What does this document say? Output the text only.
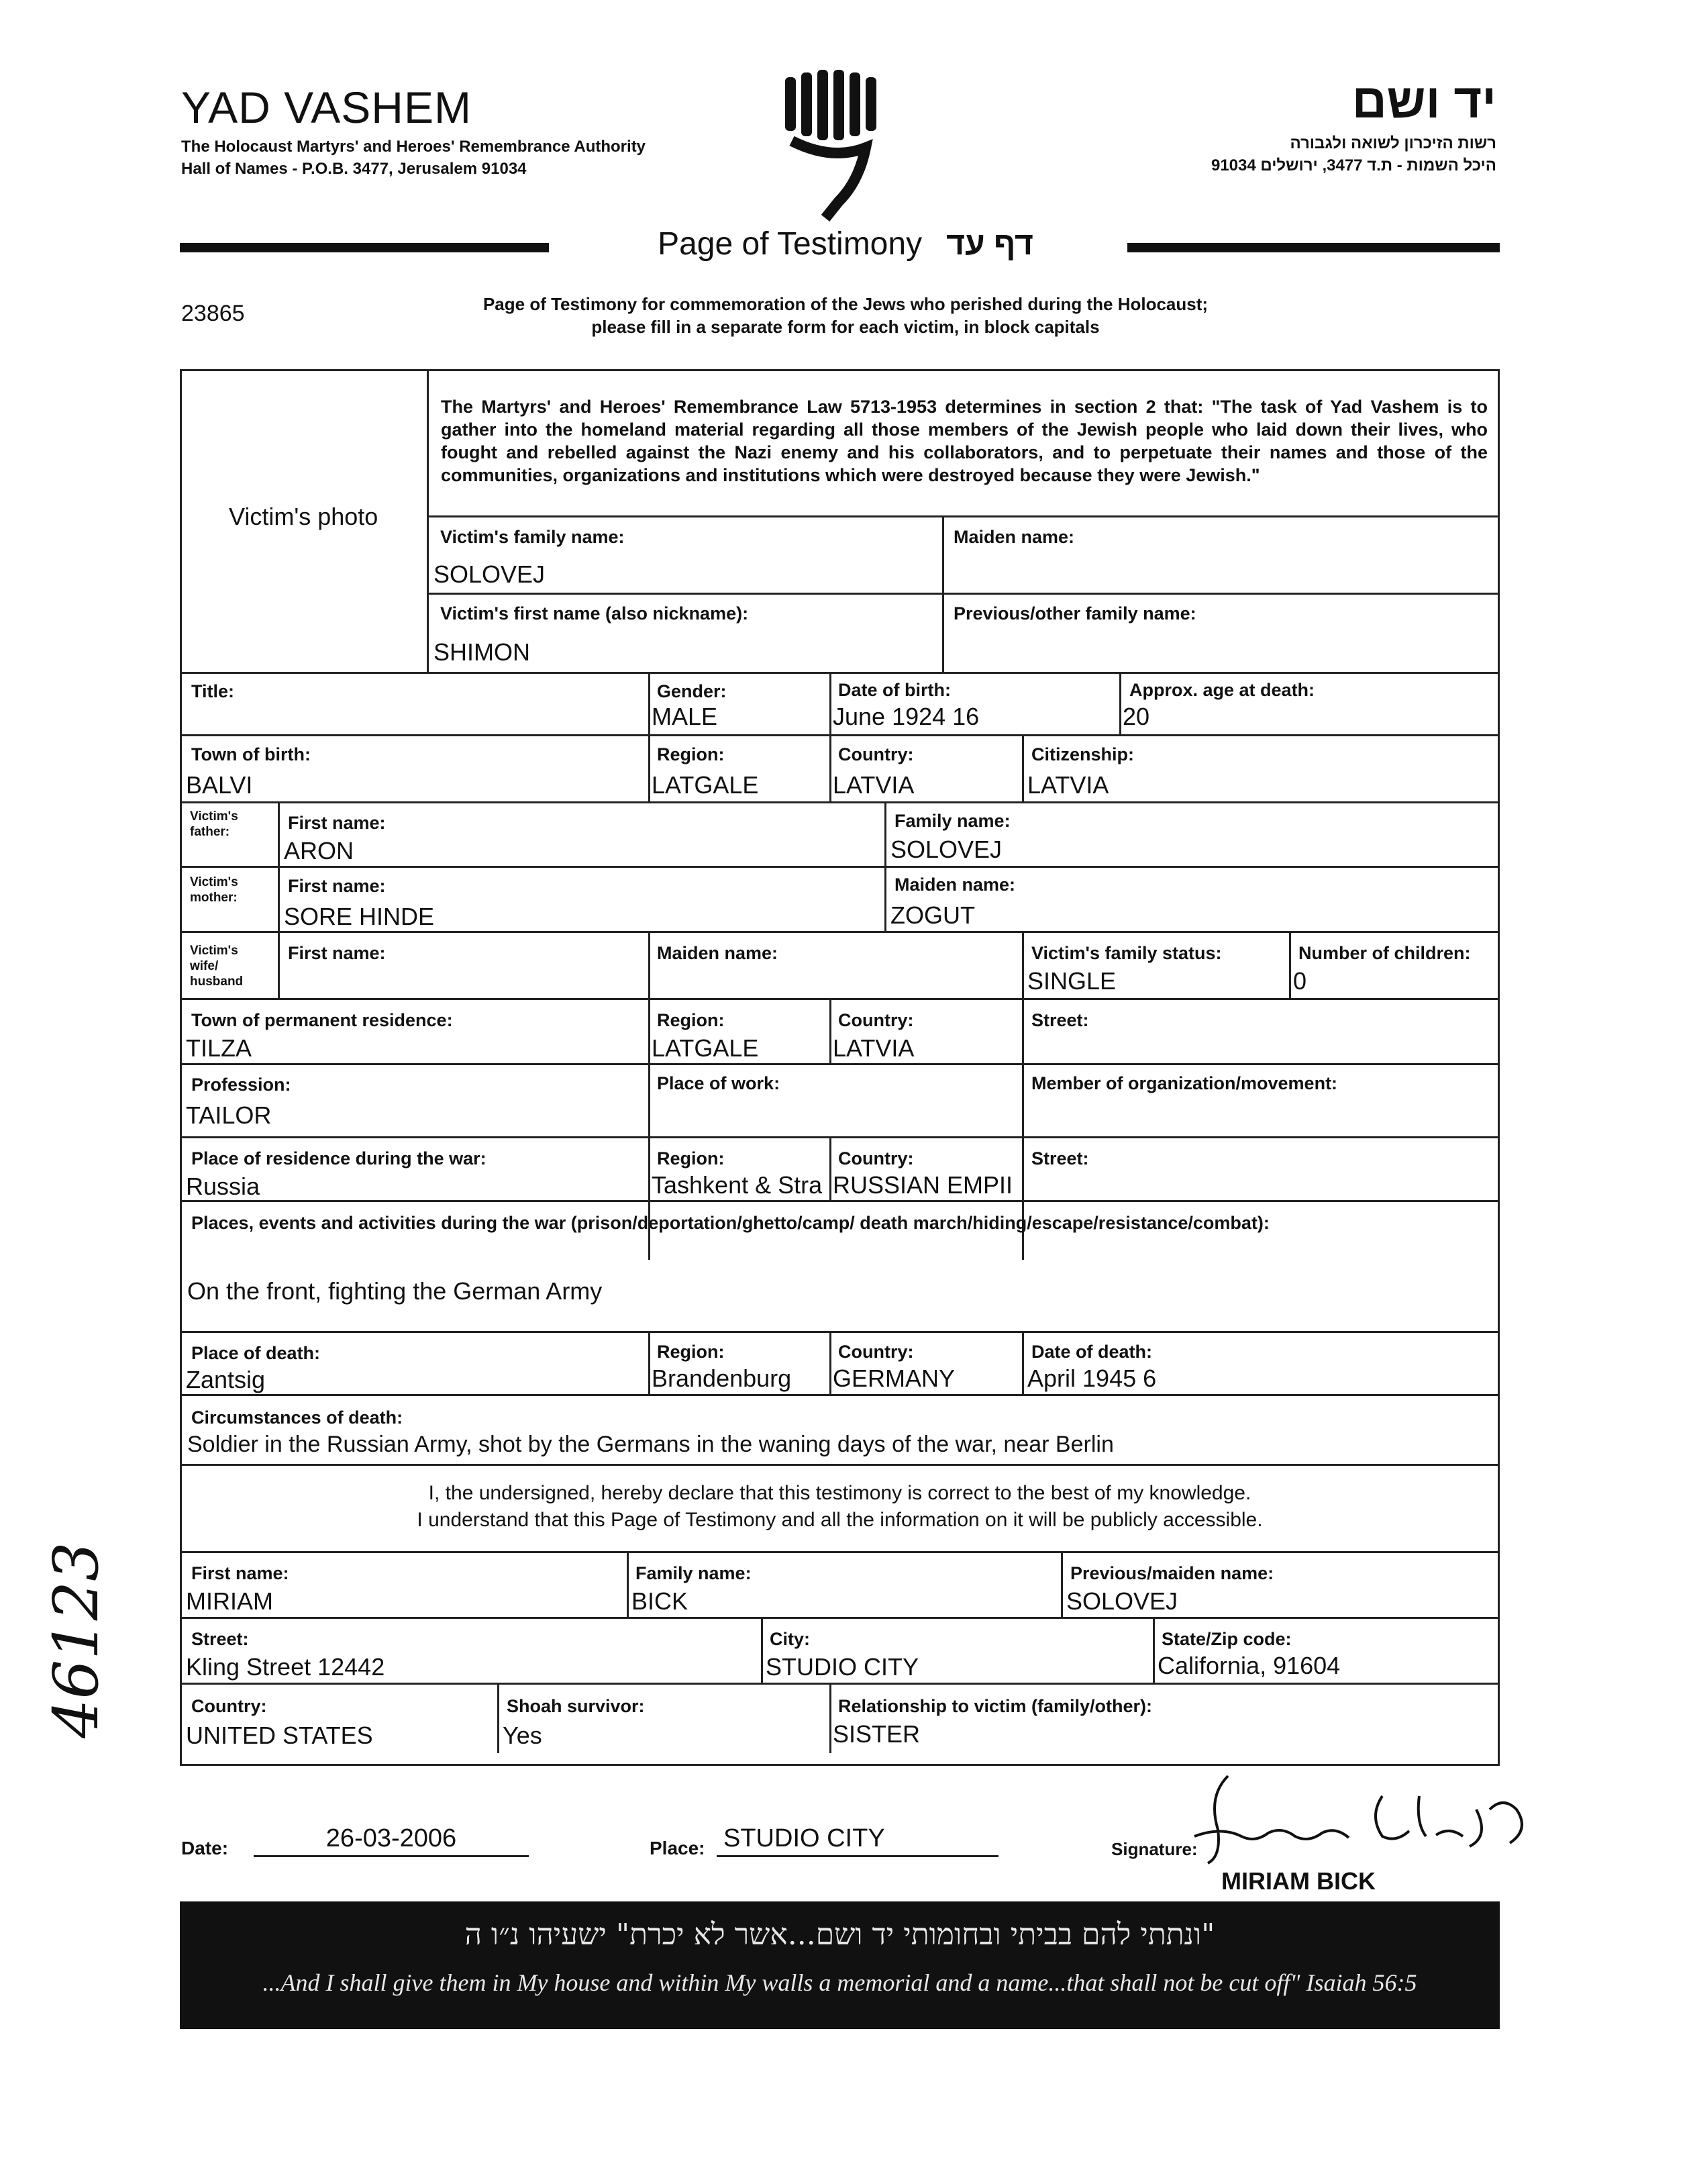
YAD VASHEM
The Holocaust Martyrs' and Heroes' Remembrance Authority
Hall of Names - P.O.B. 3477, Jerusalem 91034
יד ושם
רשות הזיכרון לשואה ולגבורה
היכל השמות - ת.ד 3477, ירושלים 91034
Page of Testimony דף עד
23865	Page of Testimony for commemoration of the Jews who perished during the Holocaust;
please fill in a separate form for each victim, in block capitals
Victim's photo
The Martyrs' and Heroes' Remembrance Law 5713-1953 determines in section 2 that: "The task of Yad Vashem is to gather into the homeland material regarding all those members of the Jewish people who laid down their lives, who fought and rebelled against the Nazi enemy and his collaborators, and to perpetuate their names and those of the communities, organizations and institutions which were destroyed because they were Jewish."
Victim's family name:
SOLOVEJ
Maiden name:
Victim's first name (also nickname):
SHIMON
Previous/other family name:
Title:	Gender:
MALE
Date of birth:
June 1924 16
Approx. age at death:
20
Town of birth:
BALVI
Region:
LATGALE
Country:
LATVIA
Citizenship:
LATVIA
Victim's
father:	First name:
ARON
Family name:
SOLOVEJ
Victim's
mother:
First name:
SORE HINDE
Maiden name:
ZOGUT
Victim's
wife/
husband
First name:	Maiden name:	Victim's family status:
SINGLE
Number of children:
0
Town of permanent residence:
TILZA
Region:
LATGALE
Country:
LATVIA
Street:
Profession:
TAILOR
Place of work:	Member of organization/movement:
Place of residence during the war:
Russia
Region:
Tashkent & Stra
Country:
RUSSIAN EMPII
Street:
Places, events and activities during the war (prison/deportation/ghetto/camp/ death march/hiding/escape/resistance/combat):
On the front, fighting the German Army
Place of death:
Zantsig
Region:
Brandenburg
Country:
GERMANY
Date of death:
April 1945 6
Circumstances of death:
Soldier in the Russian Army, shot by the Germans in the waning days of the war, near Berlin
I, the undersigned, hereby declare that this testimony is correct to the best of my knowledge.
I understand that this Page of Testimony and all the information on it will be publicly accessible.
First name:
MIRIAM
Family name:
BICK
Previous/maiden name:
SOLOVEJ
Street:
Kling Street 12442
City:
STUDIO CITY
State/Zip code:
California, 91604
Country:
UNITED STATES
Shoah survivor:
Yes
Relationship to victim (family/other):
SISTER
46123
Date:	26-03-2006	Place: STUDIO CITY	Signature:
MIRIAM BICK
"ונתתי להם בביתי ובחומותי יד ושם...אשר לא יכרת" ישעיהו נ״ו ה
...And I shall give them in My house and within My walls a memorial and a name...that shall not be cut off" Isaiah 56:5
